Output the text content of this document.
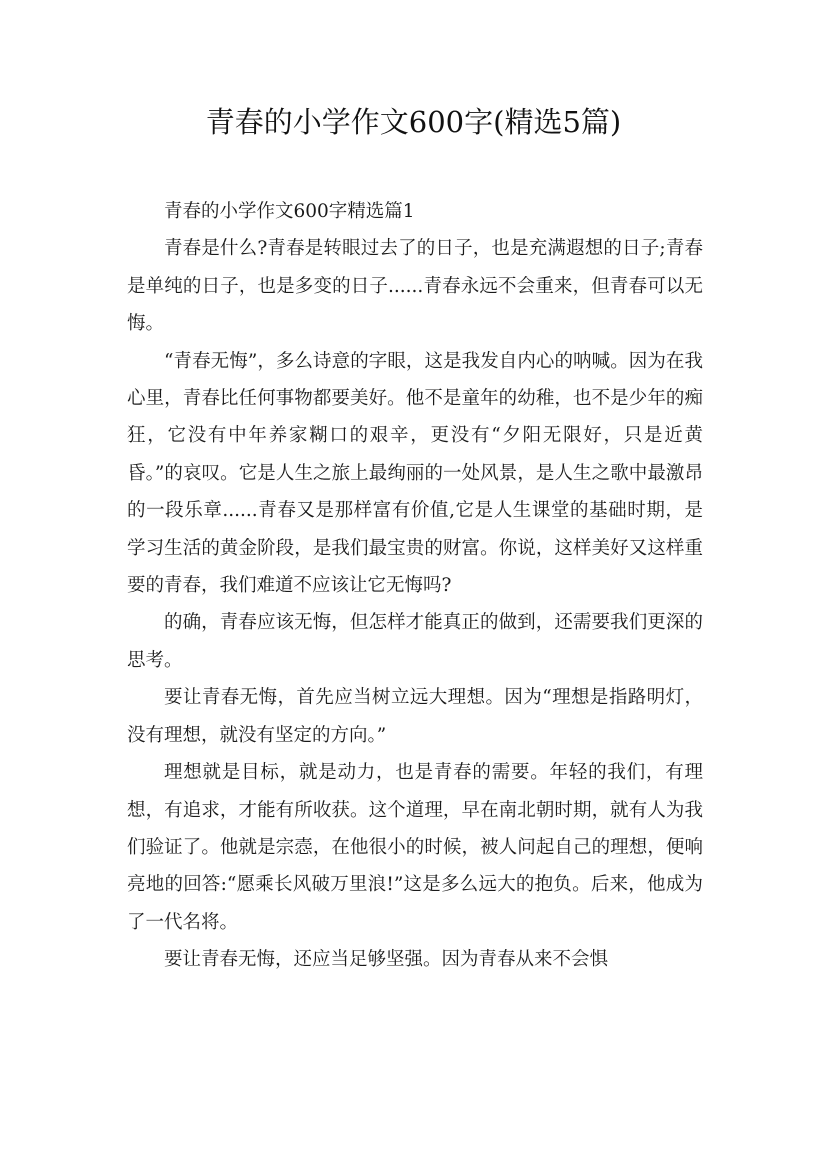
青春的小学作文600字(精选5篇)
青春的小学作文600字精选篇1

青春是什么?青春是转眼过去了的日子，也是充满遐想的日子;青春是单纯的日子，也是多变的日子......青春永远不会重来，但青春可以无悔。

“青春无悔”，多么诗意的字眼，这是我发自内心的呐喊。因为在我心里，青春比任何事物都要美好。他不是童年的幼稚，也不是少年的痴狂，它没有中年养家糊口的艰辛，更没有“夕阳无限好，只是近黄昏。”的哀叹。它是人生之旅上最绚丽的一处风景，是人生之歌中最激昂的一段乐章......青春又是那样富有价值,它是人生课堂的基础时期，是学习生活的黄金阶段，是我们最宝贵的财富。你说，这样美好又这样重要的青春，我们难道不应该让它无悔吗?

的确，青春应该无悔，但怎样才能真正的做到，还需要我们更深的思考。

要让青春无悔，首先应当树立远大理想。因为“理想是指路明灯，没有理想，就没有坚定的方向。”

理想就是目标，就是动力，也是青春的需要。年轻的我们，有理想，有追求，才能有所收获。这个道理，早在南北朝时期，就有人为我们验证了。他就是宗悫，在他很小的时候，被人问起自己的理想，便响亮地的回答:“愿乘长风破万里浪!”这是多么远大的抱负。后来，他成为了一代名将。

要让青春无悔，还应当足够坚强。因为青春从来不会惧
